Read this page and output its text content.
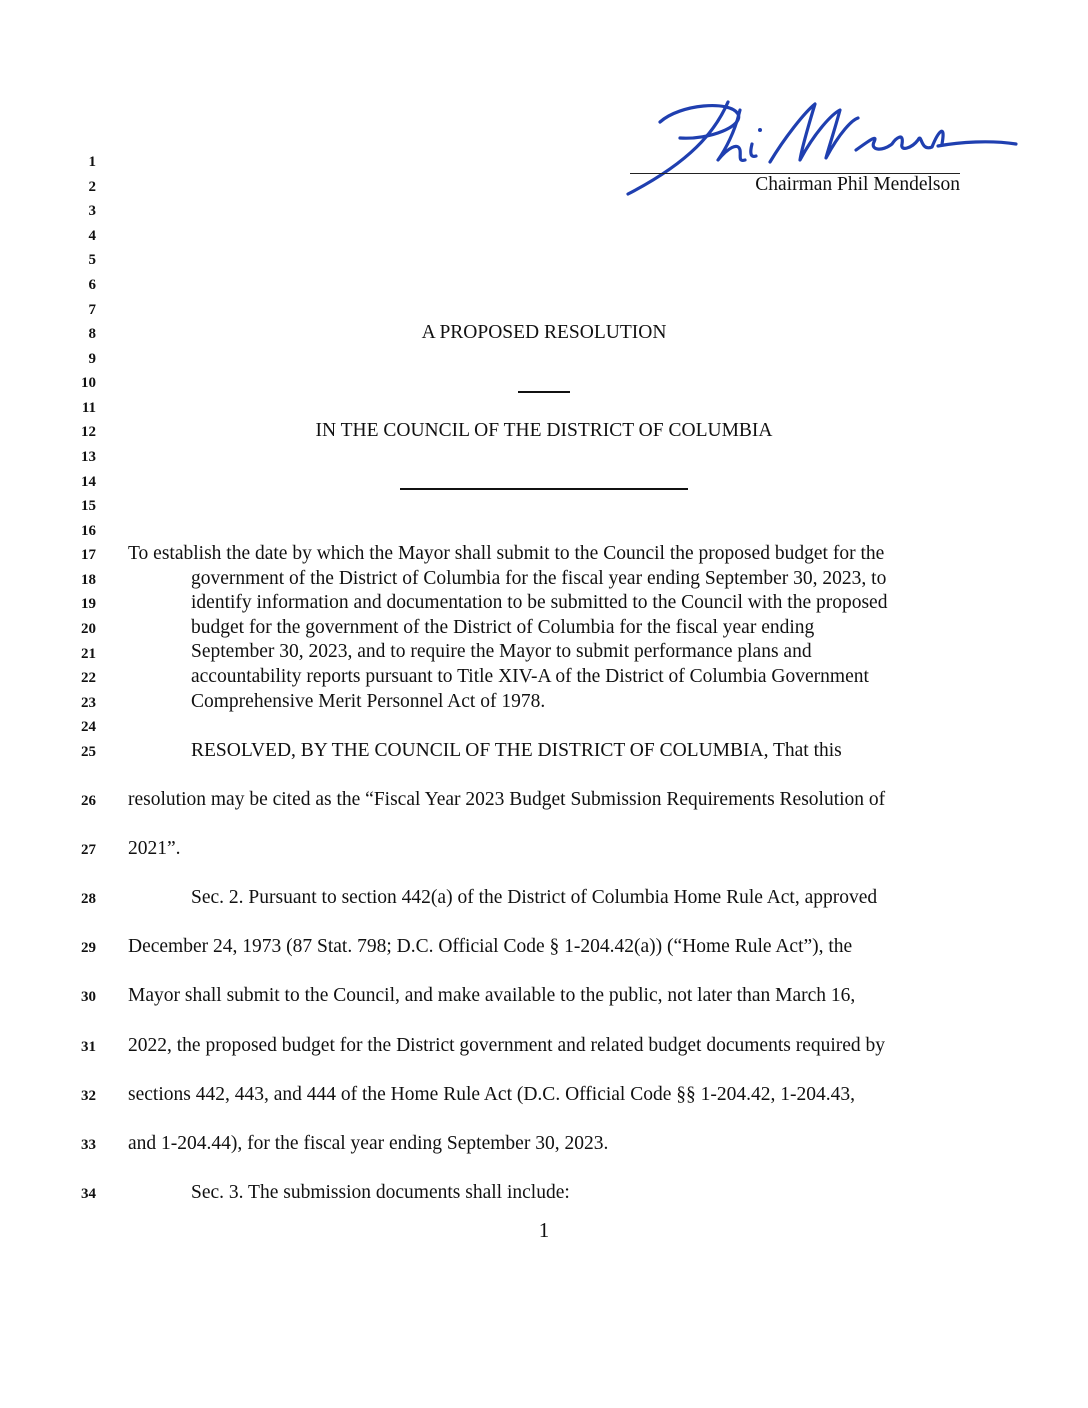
Chairman Phil Mendelson
1
2
3
4
5
6
7
8
9
10
11
12
13
14
15
16
17
18
19
20
21
22
23
24
25
26
27
28
29
30
31
32
33
34
A PROPOSED RESOLUTION
IN THE COUNCIL OF THE DISTRICT OF COLUMBIA
To establish the date by which the Mayor shall submit to the Council the proposed budget for the
government of the District of Columbia for the fiscal year ending September 30, 2023, to
identify information and documentation to be submitted to the Council with the proposed
budget for the government of the District of Columbia for the fiscal year ending
September 30, 2023, and to require the Mayor to submit performance plans and
accountability reports pursuant to Title XIV-A of the District of Columbia Government
Comprehensive Merit Personnel Act of 1978.
RESOLVED, BY THE COUNCIL OF THE DISTRICT OF COLUMBIA, That this
resolution may be cited as the “Fiscal Year 2023 Budget Submission Requirements Resolution of
2021”.
Sec. 2. Pursuant to section 442(a) of the District of Columbia Home Rule Act, approved
December 24, 1973 (87 Stat. 798; D.C. Official Code § 1-204.42(a)) (“Home Rule Act”), the
Mayor shall submit to the Council, and make available to the public, not later than March 16,
2022, the proposed budget for the District government and related budget documents required by
sections 442, 443, and 444 of the Home Rule Act (D.C. Official Code §§ 1-204.42, 1-204.43,
and 1-204.44), for the fiscal year ending September 30, 2023.
Sec. 3. The submission documents shall include:
1
